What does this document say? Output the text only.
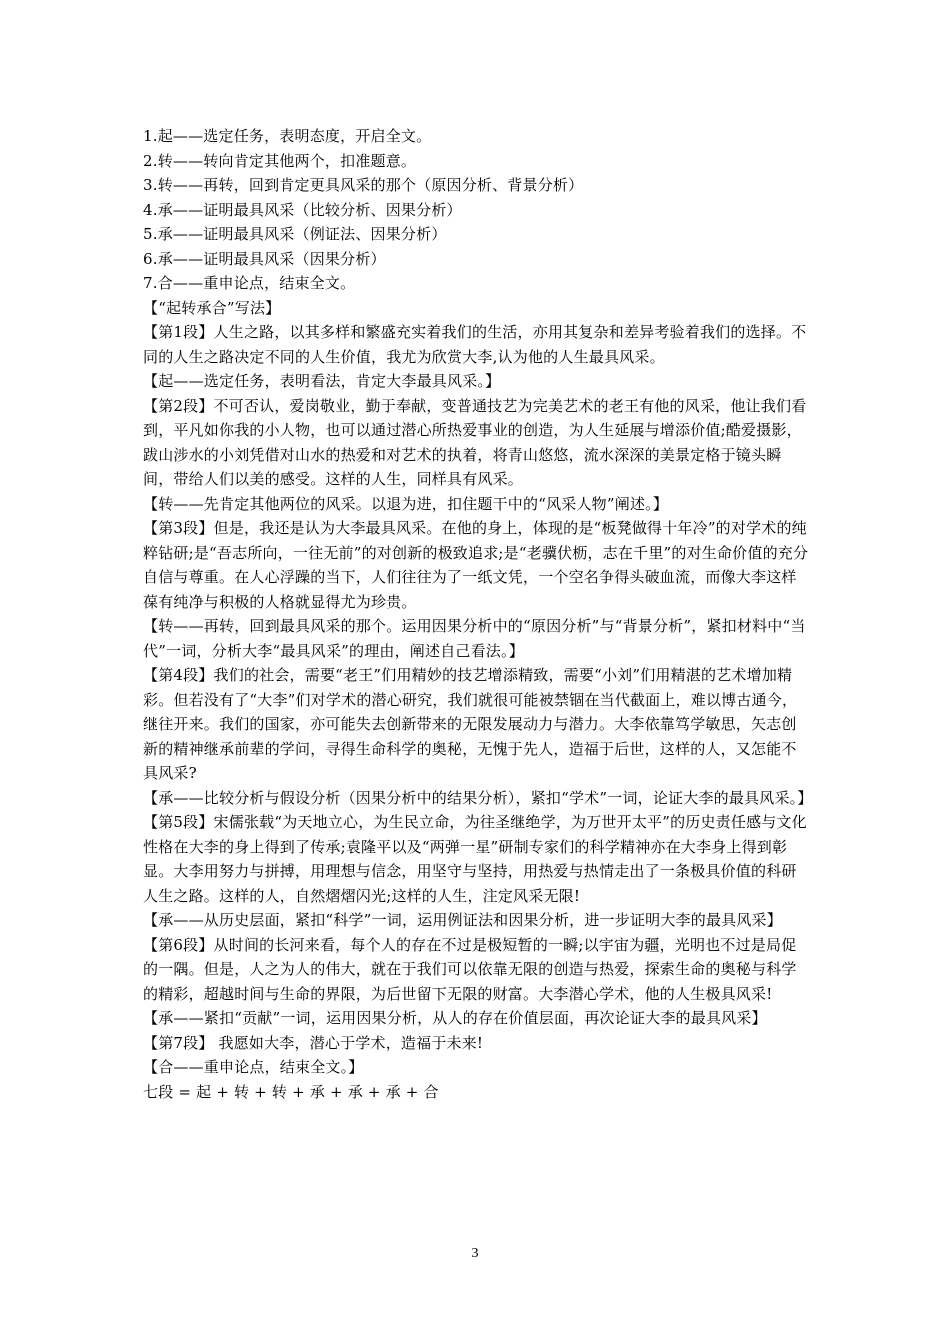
1.起——选定任务，表明态度，开启全文。

2.转——转向肯定其他两个，扣准题意。

3.转——再转，回到肯定更具风采的那个（原因分析、背景分析）

4.承——证明最具风采（比较分析、因果分析）

5.承——证明最具风采（例证法、因果分析）

6.承——证明最具风采（因果分析）

7.合——重申论点，结束全文。

【“起转承合”写法】

【第1段】人生之路，以其多样和繁盛充实着我们的生活，亦用其复杂和差异考验着我们的选择。不同的人生之路决定不同的人生价值，我尤为欣赏大李,认为他的人生最具风采。

【起——选定任务，表明看法，肯定大李最具风采。】

【第2段】不可否认，爱岗敬业，勤于奉献，变普通技艺为完美艺术的老王有他的风采，他让我们看到，平凡如你我的小人物，也可以通过潜心所热爱事业的创造，为人生延展与增添价值;酷爱摄影，跋山涉水的小刘凭借对山水的热爱和对艺术的执着，将青山悠悠，流水深深的美景定格于镜头瞬间，带给人们以美的感受。这样的人生，同样具有风采。

【转——先肯定其他两位的风采。以退为进，扣住题干中的“风采人物”阐述。】

【第3段】但是，我还是认为大李最具风采。在他的身上，体现的是“板凳做得十年冷”的对学术的纯粹钻研;是“吾志所向，一往无前”的对创新的极致追求;是“老骥伏枥，志在千里”的对生命价值的充分自信与尊重。在人心浮躁的当下，人们往往为了一纸文凭，一个空名争得头破血流，而像大李这样葆有纯净与积极的人格就显得尤为珍贵。

【转——再转，回到最具风采的那个。运用因果分析中的“原因分析”与“背景分析”，紧扣材料中“当代”一词，分析大李“最具风采”的理由，阐述自己看法。】

【第4段】我们的社会，需要“老王”们用精妙的技艺增添精致，需要“小刘”们用精湛的艺术增加精彩。但若没有了“大李”们对学术的潜心研究，我们就很可能被禁锢在当代截面上，难以博古通今，继往开来。我们的国家，亦可能失去创新带来的无限发展动力与潜力。大李依靠笃学敏思，矢志创新的精神继承前辈的学问，寻得生命科学的奥秘，无愧于先人，造福于后世，这样的人，又怎能不具风采?

【承——比较分析与假设分析（因果分析中的结果分析），紧扣“学术”一词，论证大李的最具风采。】

【第5段】宋儒张载“为天地立心，为生民立命，为往圣继绝学，为万世开太平”的历史责任感与文化性格在大李的身上得到了传承;袁隆平以及“两弹一星”研制专家们的科学精神亦在大李身上得到彰显。大李用努力与拼搏，用理想与信念，用坚守与坚持，用热爱与热情走出了一条极具价值的科研人生之路。这样的人，自然熠熠闪光;这样的人生，注定风采无限!

【承——从历史层面，紧扣“科学”一词，运用例证法和因果分析，进一步证明大李的最具风采】

【第6段】从时间的长河来看，每个人的存在不过是极短暂的一瞬;以宇宙为疆，光明也不过是局促的一隅。但是，人之为人的伟大，就在于我们可以依靠无限的创造与热爱，探索生命的奥秘与科学的精彩，超越时间与生命的界限，为后世留下无限的财富。大李潜心学术，他的人生极具风采!

【承——紧扣“贡献”一词，运用因果分析，从人的存在价值层面，再次论证大李的最具风采】

【第7段】 我愿如大李，潜心于学术，造福于未来!

【合——重申论点，结束全文。】

七段 = 起 + 转 + 转 + 承 + 承 + 承 + 合

3
